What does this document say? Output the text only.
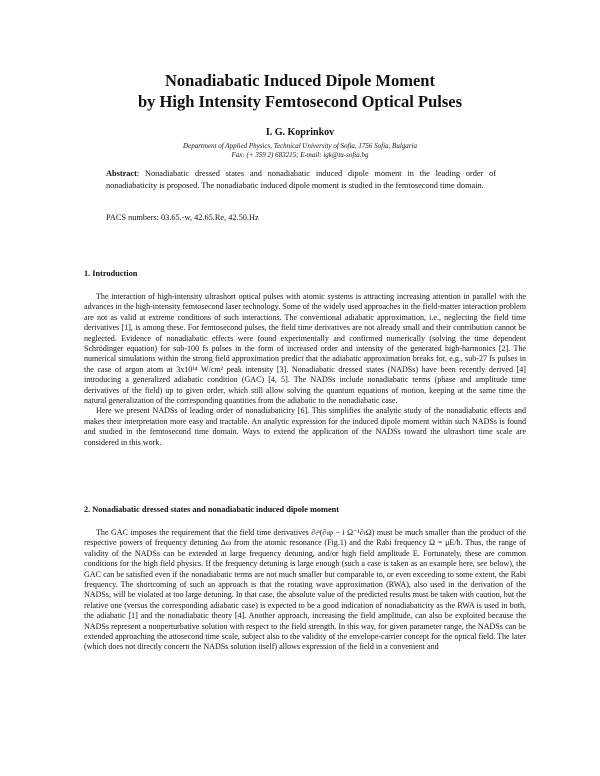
Nonadiabatic Induced Dipole Moment
by High Intensity Femtosecond Optical Pulses
I. G. Koprinkov
Department of Applied Physics, Technical University of Sofia, 1756 Sofia, Bulgaria
Fax: (+ 359 2) 683215; E-mail: igk@tu-sofia.bg
Abstract: Nonadiabatic dressed states and nonadiabatic induced dipole moment in the leading order of nonadiabaticity is proposed. The nonadiabatic induced dipole moment is studied in the femtosecond time domain.
PACS numbers: 03.65.-w, 42.65.Re, 42.50.Hz
1. Introduction

The interaction of high-intensity ultrashort optical pulses with atomic systems is attracting increasing attention in parallel with the advances in the high-intensity femtosecond laser technology. Some of the widely used approaches in the field-matter interaction problem are not as valid at extreme conditions of such interactions. The conventional adiabatic approximation, i.e., neglecting the field time derivatives [1], is among these. For femtosecond pulses, the field time derivatives are not already small and their contribution cannot be neglected. Evidence of nonadiabatic effects were found experimentally and confirmed numerically (solving the time dependent Schrödinger equation) for sub-100 fs pulses in the form of increased order and intensity of the generated high-harmonics [2]. The numerical simulations within the strong field approximation predict that the adiabatic approximation breaks for, e.g., sub-27 fs pulses in the case of argon atom at 3x10¹⁴ W/cm² peak intensity [3]. Nonadiabatic dressed states (NADSs) have been recently derived [4] introducing a generalized adiabatic condition (GAC) [4, 5]. The NADSs include nonadiabatic terms (phase and amplitude time derivatives of the field) up to given order, which still allow solving the quantum equations of motion, keeping at the same time the natural generalization of the corresponding quantities from the adiabatic to the nonadiabatic case.

Here we present NADSs of leading order of nonadiabaticity [6]. This simplifies the analytic study of the nonadiabatic effects and makes their interpretation more easy and tractable. An analytic expression for the induced dipole moment within such NADSs is found and studied in the femtosecond time domain. Ways to extend the application of the NADSs toward the ultrashort time scale are considered in this work.

2. Nonadiabatic dressed states and nonadiabatic induced dipole moment

The GAC imposes the requirement that the field time derivatives ∂ₜⁿ(∂ₜφ − i Ω⁻¹∂ₜΩ) must be much smaller than the product of the respective powers of frequency detuning Δω from the atomic resonance (Fig.1) and the Rabi frequency Ω = μE/ħ. Thus, the range of validity of the NADSs can be extended at large frequency detuning, and/or high field amplitude E. Fortunately, these are common conditions for the high field physics. If the frequency detuning is large enough (such a case is taken as an example here, see below), the GAC can be satisfied even if the nonadiabatic terms are not much smaller but comparable to, or even exceeding to some extent, the Rabi frequency. The shortcoming of such an approach is that the rotating wave approximation (RWA), also used in the derivation of the NADSs, will be violated at too large detuning. In that case, the absolute value of the predicted results must be taken with caution, but the relative one (versus the corresponding adiabatic case) is expected to be a good indication of nonadiabaticity as the RWA is used in both, the adiabatic [1] and the nonadiabatic theory [4]. Another approach, increasing the field amplitude, can also be exploited because the NADSs represent a nonperturbative solution with respect to the field strength. In this way, for given parameter range, the NADSs can be extended approaching the attosecond time scale, subject also to the validity of the envelope-carrier concept for the optical field. The later (which does not directly concern the NADSs solution itself) allows expression of the field in a convenient and
